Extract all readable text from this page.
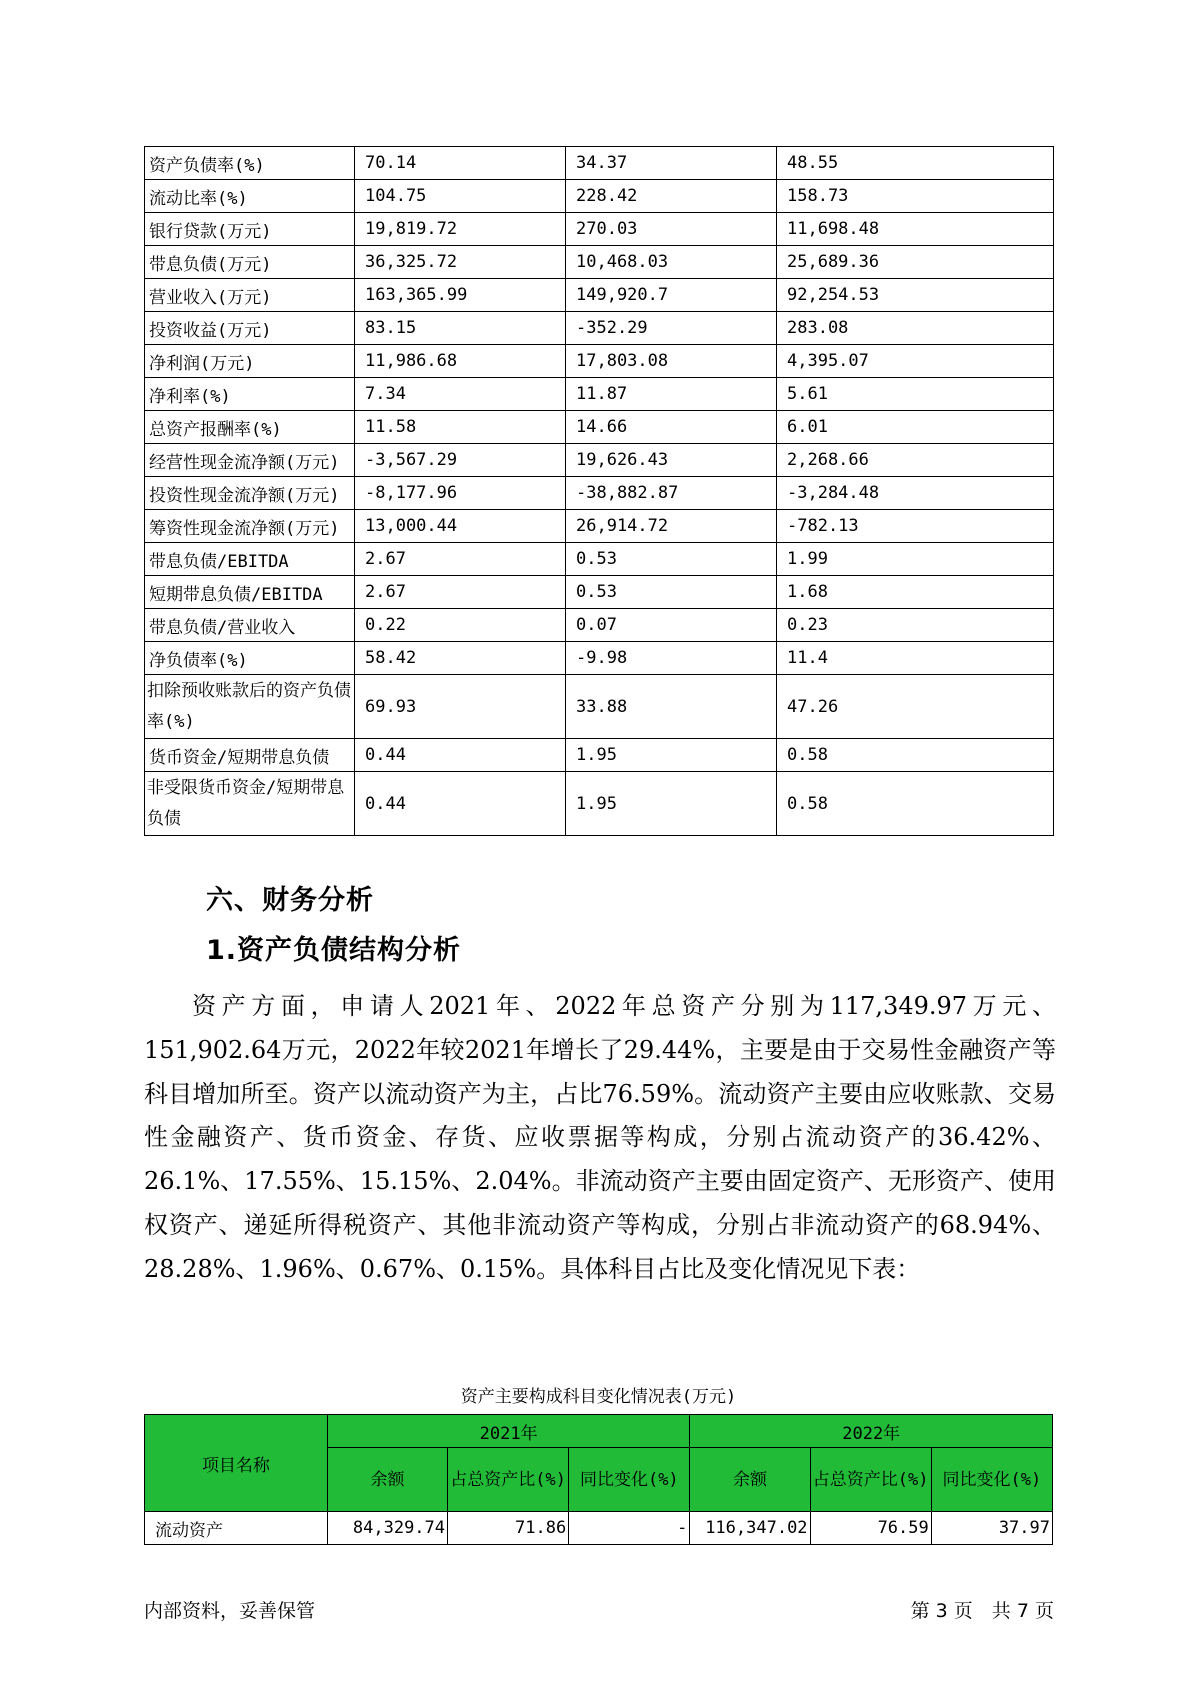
资产负债率(%)	70.14	34.37	48.55
流动比率(%)	104.75	228.42	158.73
银行贷款(万元)	19,819.72	270.03	11,698.48
带息负债(万元)	36,325.72	10,468.03	25,689.36
营业收入(万元)	163,365.99	149,920.7	92,254.53
投资收益(万元)	83.15	-352.29	283.08
净利润(万元)	11,986.68	17,803.08	4,395.07
净利率(%)	7.34	11.87	5.61
总资产报酬率(%)	11.58	14.66	6.01
经营性现金流净额(万元)	-3,567.29	19,626.43	2,268.66
投资性现金流净额(万元)	-8,177.96	-38,882.87	-3,284.48
筹资性现金流净额(万元)	13,000.44	26,914.72	-782.13
带息负债/EBITDA	2.67	0.53	1.99
短期带息负债/EBITDA	2.67	0.53	1.68
带息负债/营业收入	0.22	0.07	0.23
净负债率(%)	58.42	-9.98	11.4
扣除预收账款后的资产负债率(%)	69.93	33.88	47.26
货币资金/短期带息负债	0.44	1.95	0.58
非受限货币资金/短期带息负债	0.44	1.95	0.58
六、财务分析
1.资产负债结构分析

资产方面，申请人2021年、2022年总资产分别为117,349.97万元、151,902.64万元，2022年较2021年增长了29.44%，主要是由于交易性金融资产等科目增加所至。资产以流动资产为主，占比76.59%。流动资产主要由应收账款、交易性金融资产、货币资金、存货、应收票据等构成，分别占流动资产的36.42%、26.1%、17.55%、15.15%、2.04%。非流动资产主要由固定资产、无形资产、使用权资产、递延所得税资产、其他非流动资产等构成，分别占非流动资产的68.94%、28.28%、1.96%、0.67%、0.15%。具体科目占比及变化情况见下表：

资产主要构成科目变化情况表(万元)
项目名称	2021年			2022年		
	余额	占总资产比(%)	同比变化(%)	余额	占总资产比(%)	同比变化(%)
流动资产	84,329.74	71.86	-	116,347.02	76.59	37.97
内部资料，妥善保管	第 3 页　共 7 页
